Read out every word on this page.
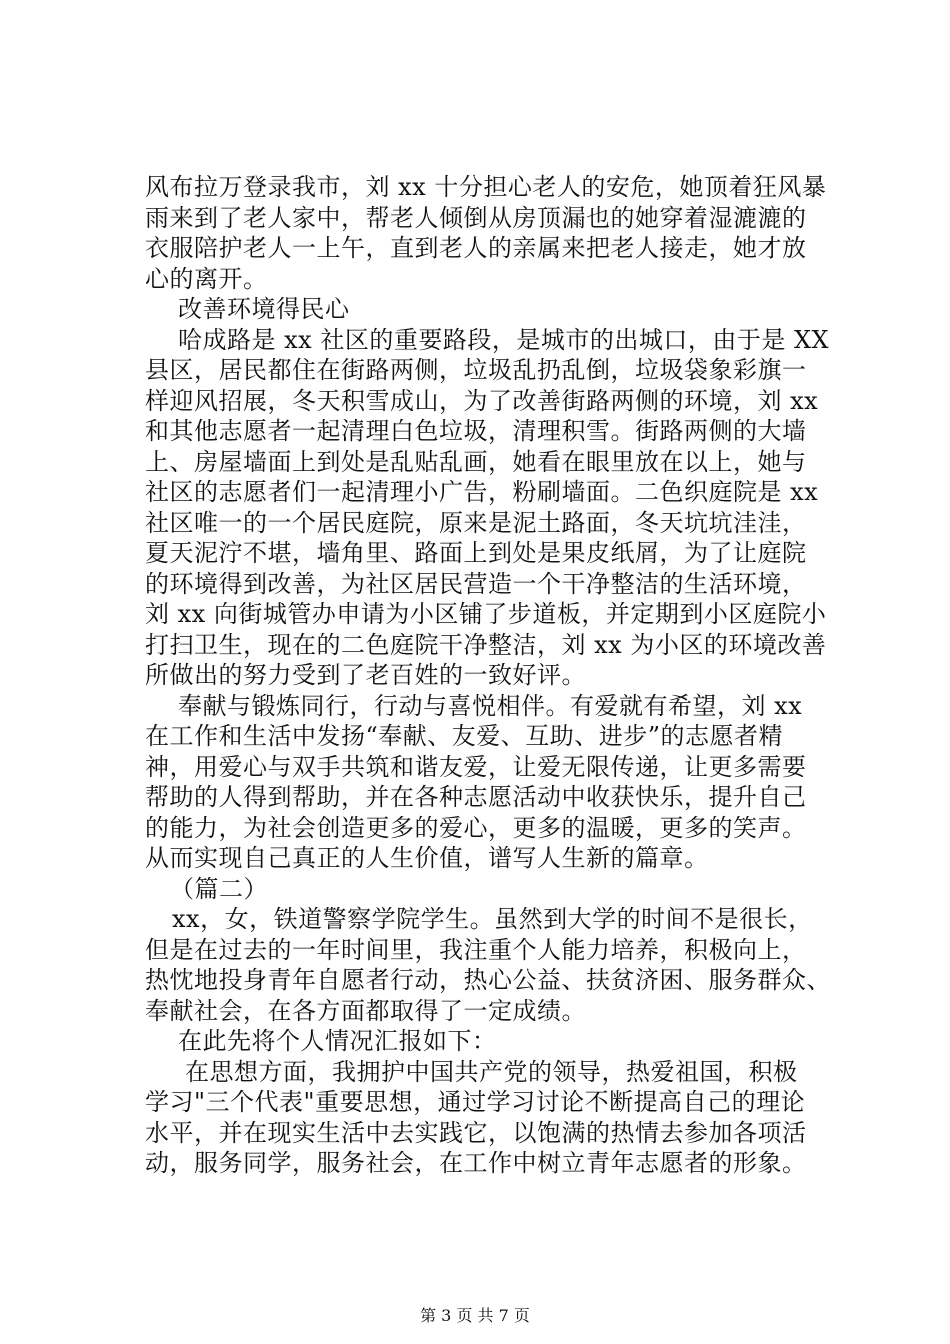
风布拉万登录我市，刘 xx 十分担心老人的安危，她顶着狂风暴
雨来到了老人家中，帮老人倾倒从房顶漏也的她穿着湿漉漉的
衣服陪护老人一上午，直到老人的亲属来把老人接走，她才放
心的离开。
改善环境得民心
哈成路是 xx 社区的重要路段，是城市的出城口，由于是 XX
县区，居民都住在街路两侧，垃圾乱扔乱倒，垃圾袋象彩旗一
样迎风招展，冬天积雪成山，为了改善街路两侧的环境，刘 xx
和其他志愿者一起清理白色垃圾，清理积雪。街路两侧的大墙
上、房屋墙面上到处是乱贴乱画，她看在眼里放在以上，她与
社区的志愿者们一起清理小广告，粉刷墙面。二色织庭院是 xx
社区唯一的一个居民庭院，原来是泥土路面，冬天坑坑洼洼，
夏天泥泞不堪，墙角里、路面上到处是果皮纸屑，为了让庭院
的环境得到改善，为社区居民营造一个干净整洁的生活环境，
刘 xx 向街城管办申请为小区铺了步道板，并定期到小区庭院小
打扫卫生，现在的二色庭院干净整洁，刘 xx 为小区的环境改善
所做出的努力受到了老百姓的一致好评。
奉献与锻炼同行，行动与喜悦相伴。有爱就有希望，刘 xx
在工作和生活中发扬“奉献、友爱、互助、进步”的志愿者精
神，用爱心与双手共筑和谐友爱，让爱无限传递，让更多需要
帮助的人得到帮助，并在各种志愿活动中收获快乐，提升自己
的能力，为社会创造更多的爱心，更多的温暖，更多的笑声。
从而实现自己真正的人生价值，谱写人生新的篇章。
（篇二）
xx，女，铁道警察学院学生。虽然到大学的时间不是很长，
但是在过去的一年时间里，我注重个人能力培养，积极向上，
热忱地投身青年自愿者行动，热心公益、扶贫济困、服务群众、
奉献社会，在各方面都取得了一定成绩。
在此先将个人情况汇报如下：
在思想方面，我拥护中国共产党的领导，热爱祖国，积极
学习"三个代表"重要思想，通过学习讨论不断提高自己的理论
水平，并在现实生活中去实践它，以饱满的热情去参加各项活
动，服务同学，服务社会，在工作中树立青年志愿者的形象。
第 3 页 共 7 页
